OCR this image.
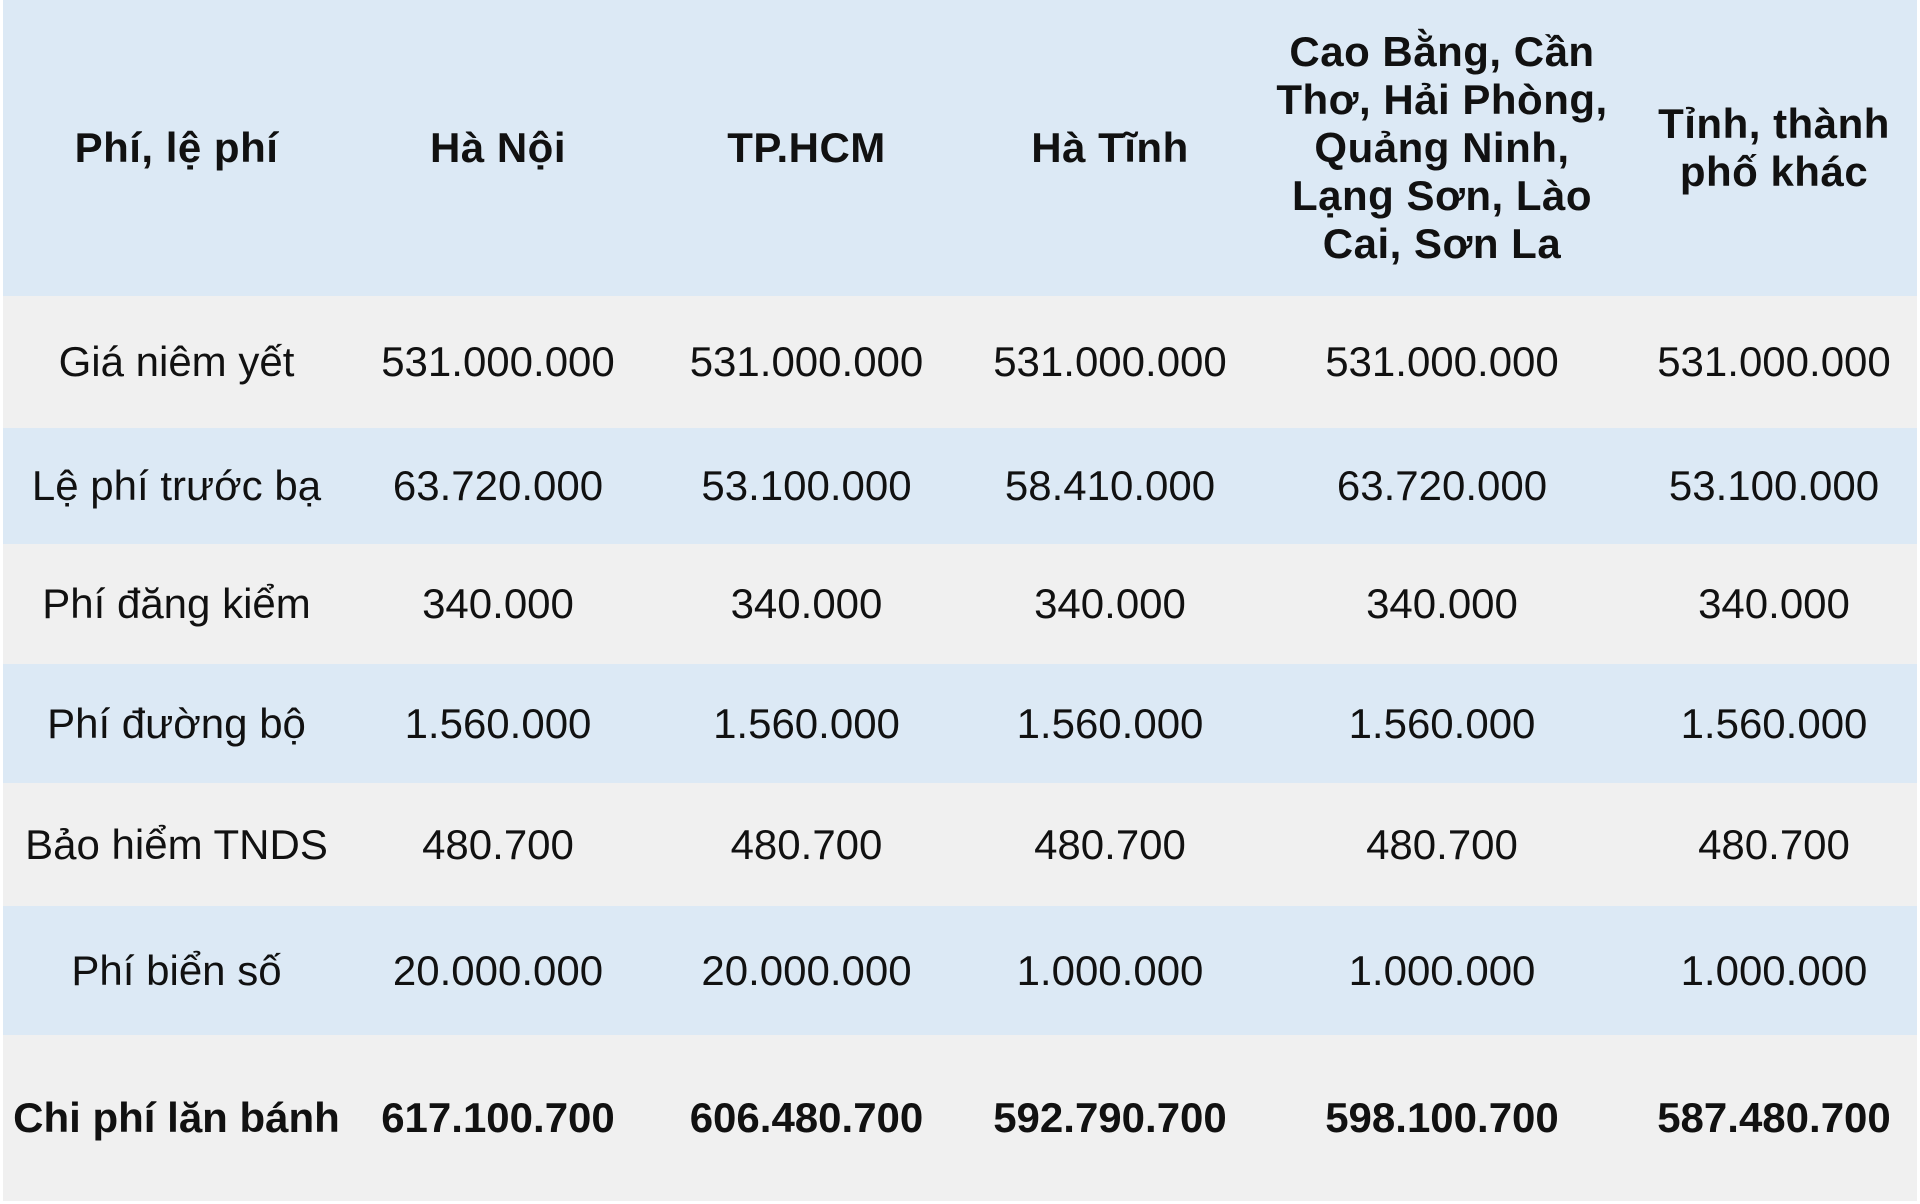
Phí, lệ phí	Hà Nội	TP.HCM	Hà Tĩnh	Cao Bằng, Cần Thơ, Hải Phòng, Quảng Ninh, Lạng Sơn, Lào Cai, Sơn La	Tỉnh, thành phố khác
Giá niêm yết	531.000.000	531.000.000	531.000.000	531.000.000	531.000.000
Lệ phí trước bạ	63.720.000	53.100.000	58.410.000	63.720.000	53.100.000
Phí đăng kiểm	340.000	340.000	340.000	340.000	340.000
Phí đường bộ	1.560.000	1.560.000	1.560.000	1.560.000	1.560.000
Bảo hiểm TNDS	480.700	480.700	480.700	480.700	480.700
Phí biển số	20.000.000	20.000.000	1.000.000	1.000.000	1.000.000
Chi phí lăn bánh	617.100.700	606.480.700	592.790.700	598.100.700	587.480.700
